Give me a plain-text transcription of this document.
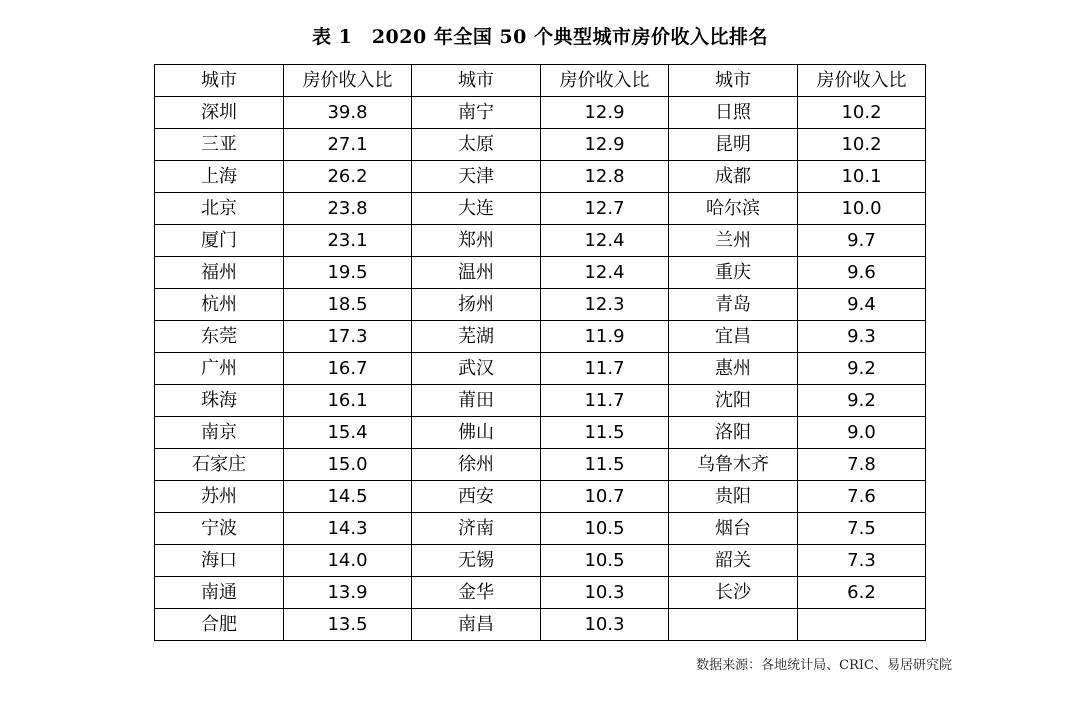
表 1　2020 年全国 50 个典型城市房价收入比排名
城市	房价收入比	城市	房价收入比	城市	房价收入比
深圳	39.8	南宁	12.9	日照	10.2
三亚	27.1	太原	12.9	昆明	10.2
上海	26.2	天津	12.8	成都	10.1
北京	23.8	大连	12.7	哈尔滨	10.0
厦门	23.1	郑州	12.4	兰州	9.7
福州	19.5	温州	12.4	重庆	9.6
杭州	18.5	扬州	12.3	青岛	9.4
东莞	17.3	芜湖	11.9	宜昌	9.3
广州	16.7	武汉	11.7	惠州	9.2
珠海	16.1	莆田	11.7	沈阳	9.2
南京	15.4	佛山	11.5	洛阳	9.0
石家庄	15.0	徐州	11.5	乌鲁木齐	7.8
苏州	14.5	西安	10.7	贵阳	7.6
宁波	14.3	济南	10.5	烟台	7.5
海口	14.0	无锡	10.5	韶关	7.3
南通	13.9	金华	10.3	长沙	6.2
合肥	13.5	南昌	10.3		
数据来源：各地统计局、CRIC、易居研究院
